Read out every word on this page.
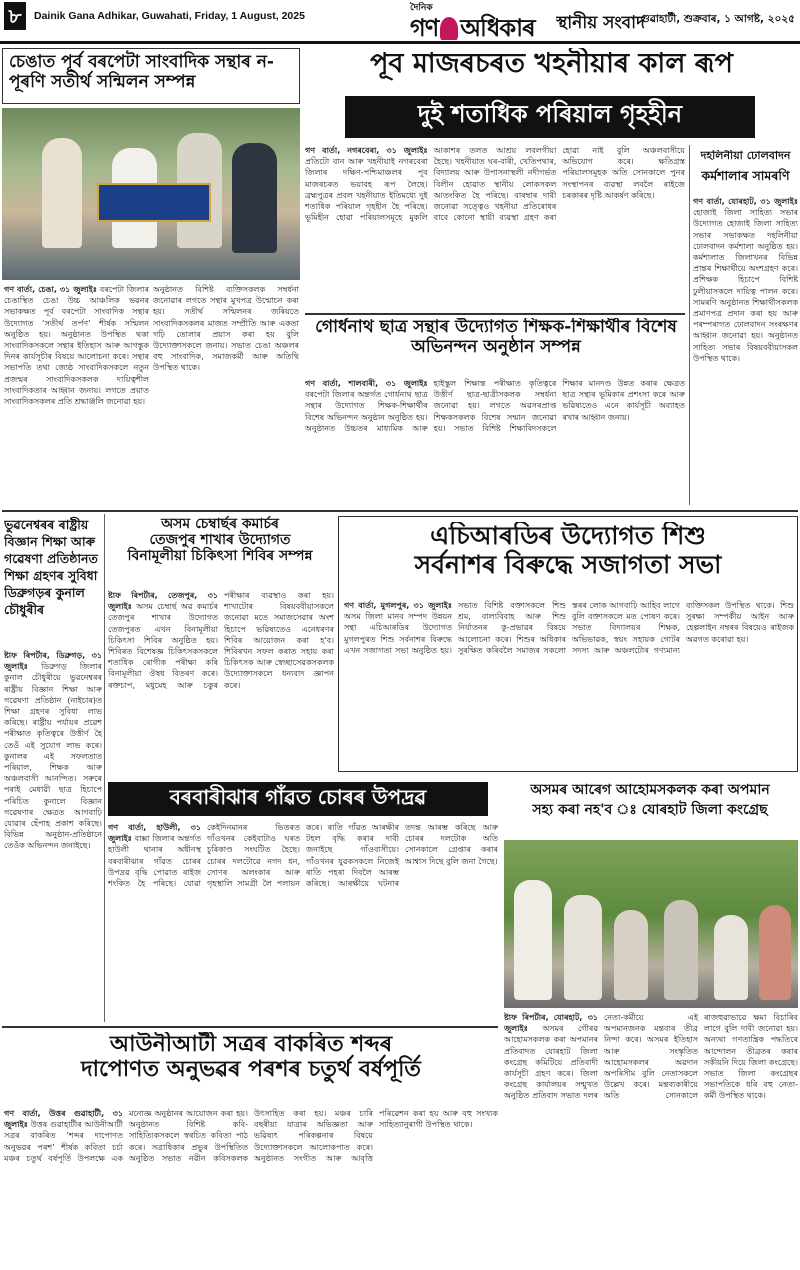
৮	Dainik Gana Adhikar, Guwahati, Friday, 1 August, 2025
দৈনিক
গণ অধিকাৰ স্থানীয় সংবাদ
গুৱাহাটী, শুক্ৰবাৰ, ১ আগষ্ট, ২০২৫
চেঙাত পূৰ্ব বৰপেটা সাংবাদিক সন্থাৰ ন-পূৰণি সতীৰ্থ সন্মিলন সম্পন্ন
গণ বাৰ্তা, চেঙা, ৩১ জুলাইঃ বৰপেটা জিলাৰ চেঙাস্থিত চেঙা উচ্চ আঞ্চলিক ভৱনৰ সভাকক্ষত পূৰ্ব বৰপেটা সাংবাদিক সন্থাৰ উদ্যোগত ‘সতীৰ্থ তৰ্পণ’ শীৰ্ষক সন্মিলন অনুষ্ঠিত হয়। অনুষ্ঠানত উপস্থিত থকা সাংবাদিকসকলে সন্থাৰ ইতিহাস আৰু আগন্তুক দিনৰ কাৰ্যসূচীৰ বিষয়ে আলোচনা কৰে। সন্থাৰ সভাপতি তথা জ্যেষ্ঠ সাংবাদিকসকলে নতুন প্ৰজন্মৰ সাংবাদিকসকলক দায়িত্বশীল সাংবাদিকতাৰ আহ্বান জনায়। লগতে প্ৰয়াত সাংবাদিকসকলৰ প্ৰতি শ্ৰদ্ধাঞ্জলি জনোৱা হয়।
অনুষ্ঠানত বিশিষ্ট ব্যক্তিসকলক সম্বৰ্ধনা জনোৱাৰ লগতে সন্থাৰ মুখপত্ৰ উন্মোচন কৰা হয়। সতীৰ্থ সন্মিলনৰ জৰিয়তে সাংবাদিকসকলৰ মাজত সম্প্ৰীতি আৰু একতা গঢ়ি তোলাৰ প্ৰয়াস কৰা হয় বুলি উদ্যোক্তাসকলে জনায়। সভাত চেঙা অঞ্চলৰ বহু সাংবাদিক, সমাজকৰ্মী আৰু অতিথি উপস্থিত থাকে।
পূব মাজৰচৰত খহনীয়াৰ কাল ৰূপ
দুই শতাধিক পৰিয়াল গৃহহীন
গণ বাৰ্তা, নগৰবেৰা, ৩১ জুলাইঃ প্ৰতিটো বান আৰু খহনীয়াই নগৰবেৰা জিলাৰ দক্ষিণ-পশ্চিমাঞ্চলৰ পূব মাজৰচৰত ভয়াবহ ৰূপ লৈছে। ব্ৰহ্মপুত্ৰৰ প্ৰবল খহনীয়াত ইতিমধ্যে দুই শতাধিক পৰিয়াল গৃহহীন হৈ পৰিছে। ভূমিহীন হোৱা পৰিয়ালসমূহে মুকলি আকাশৰ তলত আশ্ৰয় লবলগীয়া হৈছে। খহনীয়াত ঘৰ-বাৰী, খেতিপথাৰ, বিদ্যালয় আৰু উপাসনাস্থলী নদীগৰ্ভত বিলীন হোৱাত স্থানীয় লোকসকল আতংকিত হৈ পৰিছে। বাৰম্বাৰ দাবী জনোৱা সত্ত্বেও খহনীয়া প্ৰতিৰোধৰ বাবে কোনো স্থায়ী ব্যৱস্থা গ্ৰহণ কৰা হোৱা নাই বুলি অঞ্চলবাসীয়ে অভিযোগ কৰে। ক্ষতিগ্ৰস্ত পৰিয়ালসমূহক অতি সোনকালে পুনৰ সংস্থাপনৰ ব্যৱস্থা লবলৈ ৰাইজে চৰকাৰৰ দৃষ্টি আকৰ্ষণ কৰিছে।
দহলিনীয়া ঢোলবাদন
কৰ্মশালাৰ সামৰণি
গণ বাৰ্তা, যোৰহাট, ৩১ জুলাইঃ হোজাই জিলা সাহিত্য সভাৰ উদ্যোগত হোজাই জিলা সাহিত্য সভাৰ সভাকক্ষত দহলিনীয়া ঢোলবাদন কৰ্মশালা অনুষ্ঠিত হয়। কৰ্মশালাত জিলাখনৰ বিভিন্ন প্ৰান্তৰ শিক্ষাৰ্থীয়ে অংশগ্ৰহণ কৰে। প্ৰশিক্ষক হিচাপে বিশিষ্ট ঢুলীয়াসকলে দায়িত্ব পালন কৰে। সামৰণি অনুষ্ঠানত শিক্ষাৰ্থীসকলক প্ৰমাণপত্ৰ প্ৰদান কৰা হয় আৰু পৰম্পৰাগত ঢোলবাদন সংৰক্ষণৰ আহ্বান জনোৱা হয়। অনুষ্ঠানত সাহিত্য সভাৰ বিষয়ববীয়াসকল উপস্থিত থাকে।
গোৰ্ধনাথ ছাত্ৰ সন্থাৰ উদ্যোগত শিক্ষক-শিক্ষাৰ্থীৰ বিশেষ অভিনন্দন অনুষ্ঠান সম্পন্ন
গণ বাৰ্তা, শালবাৰী, ৩১ জুলাইঃ বৰপেটা জিলাৰ অন্তৰ্গত গোৰ্ধনাথ ছাত্ৰ সন্থাৰ উদ্যোগত শিক্ষক-শিক্ষাৰ্থীৰ বিশেষ অভিনন্দন অনুষ্ঠান অনুষ্ঠিত হয়। অনুষ্ঠানত উচ্চতৰ মাধ্যমিক আৰু হাইস্কুল শিক্ষান্ত পৰীক্ষাত কৃতিত্বৰে উত্তীৰ্ণ ছাত্ৰ-ছাত্ৰীসকলক সম্বৰ্ধনা জনোৱা হয়। লগতে অৱসৰপ্ৰাপ্ত শিক্ষকসকলক বিশেষ সন্মান জনোৱা হয়। সভাত বিশিষ্ট শিক্ষাবিদসকলে শিক্ষাৰ মানদণ্ড উন্নত কৰাৰ ক্ষেত্ৰত ছাত্ৰ সন্থাৰ ভূমিকাৰ প্ৰশংসা কৰে আৰু ভৱিষ্যতেও এনে কাৰ্যসূচী অব্যাহত ৰখাৰ আহ্বান জনায়।
ভুৱনেশ্বৰৰ ৰাষ্ট্ৰীয় বিজ্ঞান শিক্ষা আৰু গৱেষণা প্ৰতিষ্ঠানত শিক্ষা গ্ৰহণৰ সুবিধা ডিব্ৰুগড়ৰ কুনাল চৌধুৰীৰ
ষ্টাফ ৰিপৰ্টাৰ, ডিব্ৰুগড়, ৩১ জুলাইঃ ডিব্ৰুগড় জিলাৰ কুনাল চৌধুৰীয়ে ভুৱনেশ্বৰৰ ৰাষ্ট্ৰীয় বিজ্ঞান শিক্ষা আৰু গৱেষণা প্ৰতিষ্ঠান (নাইচাৰ)ত শিক্ষা গ্ৰহণৰ সুবিধা লাভ কৰিছে। ৰাষ্ট্ৰীয় পৰ্যায়ৰ প্ৰৱেশ পৰীক্ষাত কৃতিত্বৰে উত্তীৰ্ণ হৈ তেওঁ এই সুযোগ লাভ কৰে। কুনালৰ এই সফলতাত পৰিয়াল, শিক্ষক আৰু অঞ্চলবাসী আনন্দিত। সৰুৰে পৰাই মেধাৱী ছাত্ৰ হিচাপে পৰিচিত কুনালে বিজ্ঞান গৱেষণাৰ ক্ষেত্ৰত আগবাঢ়ি যোৱাৰ হেঁপাহ প্ৰকাশ কৰিছে। বিভিন্ন অনুষ্ঠান-প্ৰতিষ্ঠানে তেওঁক অভিনন্দন জনাইছে।
অসম চেম্বাৰ্ছৰ কমাৰ্চৰ
তেজপুৰ শাখাৰ উদ্যোগত
বিনামূলীয়া চিকিৎসা শিবিৰ সম্পন্ন
ষ্টাফ ৰিপৰ্টাৰ, তেজপুৰ, ৩১ জুলাইঃ অসম চেম্বাৰ্ছ অৱ কমাৰ্চৰ তেজপুৰ শাখাৰ উদ্যোগত তেজপুৰত এখন বিনামূলীয়া চিকিৎসা শিবিৰ অনুষ্ঠিত হয়। শিবিৰত বিশেষজ্ঞ চিকিৎসকসকলে শতাধিক ৰোগীক পৰীক্ষা কৰি বিনামূলীয়া ঔষধ বিতৰণ কৰে। ৰক্তচাপ, মধুমেহ আৰু চকুৰ পৰীক্ষাৰ ব্যৱস্থাও কৰা হয়। শাখাটোৰ বিষয়ববীয়াসকলে জনোৱা মতে সমাজসেৱাৰ অংশ হিচাপে ভৱিষ্যতেও এনেধৰণৰ শিবিৰ আয়োজন কৰা হ'ব। শিবিৰখন সফল কৰাত সহায় কৰা চিকিৎসক আৰু স্বেচ্ছাসেৱকসকলক উদ্যোক্তাসকলে ধন্যবাদ জ্ঞাপন কৰে।
এচিআৰডিৰ উদ্যোগত শিশু
সৰ্বনাশৰ বিৰুদ্ধে সজাগতা সভা
গণ বাৰ্তা, মুগলপুৰ, ৩১ জুলাইঃ অসম জিলা মানব সম্পদ উন্নয়ন সন্থা এচিআৰডিৰ উদ্যোগত মুগলপুৰত শিশু সৰ্বনাশৰ বিৰুদ্ধে এখন সজাগতা সভা অনুষ্ঠিত হয়। সভাত বিশিষ্ট বক্তাসকলে শিশু শ্ৰম, বাল্যবিবাহ আৰু শিশু নিৰ্যাতনৰ কু-প্ৰভাৱৰ বিষয়ে আলোচনা কৰে। শিশুৰ অধিকাৰ সুৰক্ষিত কৰিবলৈ সমাজৰ সকলো স্তৰৰ লোক আগবাঢ়ি আহিব লাগে বুলি বক্তাসকলে মত পোষণ কৰে। সভাত বিদ্যালয়ৰ শিক্ষক, অভিভাৱক, স্বয়ং সহায়ক গোটৰ সদস্য আৰু অঞ্চলটোৰ গণ্যমান্য ব্যক্তিসকল উপস্থিত থাকে। শিশু সুৰক্ষা সম্পৰ্কীয় আইন আৰু হেল্পলাইন নম্বৰৰ বিষয়েও ৰাইজক অৱগত কৰোৱা হয়।
বৰবাৰীঝাৰ গাঁৱত চোৰৰ উপদ্ৰৱ
গণ বাৰ্তা, হাউলী, ৩১ জুলাইঃ বাক্সা জিলাৰ অন্তৰ্গত হাউলী থানাৰ অধীনস্থ বৰবাৰীঝাৰ গাঁৱত চোৰৰ উপদ্ৰৱ বৃদ্ধি পোৱাত ৰাইজ শংকিত হৈ পৰিছে। যোৱা কেইদিনমানৰ ভিতৰত গাঁওখনৰ কেইবাটাও ঘৰত চুৰিকাণ্ড সংঘটিত হৈছে। চোৰৰ দলটোৱে নগদ ধন, সোণৰ অলংকাৰ আৰু গৃহস্থালি সামগ্ৰী লৈ পলায়ন কৰে। ৰাতি গাঁৱত আৰক্ষীৰ টহল বৃদ্ধি কৰাৰ দাবী জনাইছে গাঁওবাসীয়ে। গাঁওখনৰ যুৱকসকলে নিজেই ৰাতি পহৰা দিবলৈ আৰম্ভ কৰিছে। আৰক্ষীয়ে ঘটনাৰ তদন্ত আৰম্ভ কৰিছে আৰু চোৰৰ দলটোক অতি সোনকালে গ্ৰেপ্তাৰ কৰাৰ আশ্বাস দিছে বুলি জনা গৈছে।
অসমৰ আৰেগ আহোমসকলক কৰা অপমান
সহ্য কৰা নহ'ব ঃ যোৰহাট জিলা কংগ্ৰেছ
ষ্টাফ ৰিপৰ্টাৰ, যোৰহাট, ৩১ জুলাইঃ অসমৰ গৌৰৱ আহোমসকলক কৰা অপমানৰ প্ৰতিবাদত যোৰহাট জিলা কংগ্ৰেছ কমিটিয়ে প্ৰতিবাদী কাৰ্যসূচী গ্ৰহণ কৰে। জিলা কংগ্ৰেছ কাৰ্যালয়ৰ সন্মুখত অনুষ্ঠিত প্ৰতিবাদ সভাত দলৰ নেতা-কৰ্মীয়ে এই অপমানজনক মন্তব্যৰ তীব্ৰ নিন্দা কৰে। অসমৰ ইতিহাস আৰু সংস্কৃতিত আহোমসকলৰ অৱদান অপৰিসীম বুলি নেতাসকলে উল্লেখ কৰে। মন্তব্যকাৰীয়ে অতি সোনকালে ৰাজহুৱাভাৱে ক্ষমা বিচাৰিব লাগে বুলি দাবী জনোৱা হয়। অন্যথা গণতান্ত্ৰিক পদ্ধতিৰে আন্দোলন তীব্ৰতৰ কৰাৰ সকীয়নি দিয়ে জিলা কংগ্ৰেছে। সভাত জিলা কংগ্ৰেছৰ সভাপতিকে ধৰি বহু নেতা-কৰ্মী উপস্থিত থাকে।
আউনীআটী সত্ৰৰ বাকৰিত শব্দৰ
দাপোণত অনুভৱৰ পৰশৰ চতুৰ্থ বৰ্ষপূৰ্তি
গণ বাৰ্তা, উত্তৰ গুৱাহাটী, ৩১ জুলাইঃ উত্তৰ গুৱাহাটীৰ আউনীআটী সত্ৰৰ বাকৰিত ‘শব্দৰ দাপোণত অনুভৱৰ পৰশ’ শীৰ্ষক কবিতা চৰ্চা মঞ্চৰ চতুৰ্থ বৰ্ষপূৰ্তি উপলক্ষে এক মনোজ্ঞ অনুষ্ঠানৰ আয়োজন কৰা হয়। অনুষ্ঠানত বিশিষ্ট কবি-সাহিত্যিকসকলে স্বৰচিত কবিতা পাঠ কৰে। সত্ৰাধিকাৰ প্ৰভুৰ উপস্থিতিত অনুষ্ঠিত সভাত নৱীন কবিসকলক উৎসাহিত কৰা হয়। মঞ্চৰ চাৰি বছৰীয়া যাত্ৰাৰ অভিজ্ঞতা আৰু ভৱিষ্যৎ পৰিকল্পনাৰ বিষয়ে উদ্যোক্তাসকলে আলোকপাত কৰে। অনুষ্ঠানত সংগীত আৰু আবৃত্তি পৰিৱেশন কৰা হয় আৰু বহু সংখ্যক সাহিত্যানুৰাগী উপস্থিত থাকে।
